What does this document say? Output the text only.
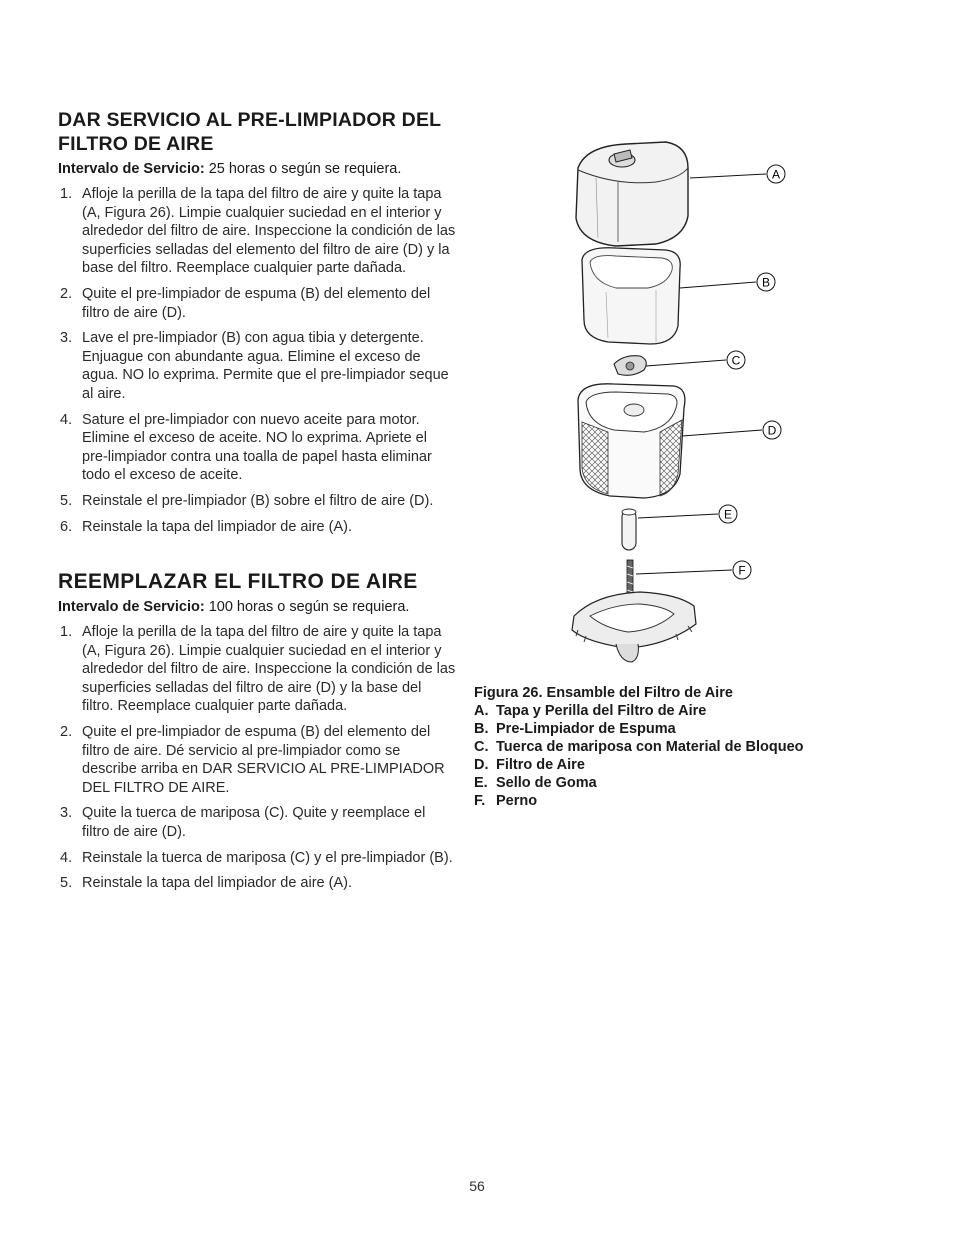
DAR SERVICIO AL PRE-LIMPIADOR DEL FILTRO DE AIRE

Intervalo de Servicio: 25 horas o según se requiera.

1. Afloje la perilla de la tapa del filtro de aire y quite la tapa (A, Figura 26). Limpie cualquier suciedad en el interior y alrededor del filtro de aire. Inspeccione la condición de las superficies selladas del elemento del filtro de aire (D) y la base del filtro. Reemplace cualquier parte dañada.
2. Quite el pre-limpiador de espuma (B) del elemento del filtro de aire (D).
3. Lave el pre-limpiador (B) con agua tibia y detergente. Enjuague con abundante agua. Elimine el exceso de agua. NO lo exprima. Permite que el pre-limpiador seque al aire.
4. Sature el pre-limpiador con nuevo aceite para motor. Elimine el exceso de aceite. NO lo exprima. Apriete el pre-limpiador contra una toalla de papel hasta eliminar todo el exceso de aceite.
5. Reinstale el pre-limpiador (B) sobre el filtro de aire (D).
6. Reinstale la tapa del limpiador de aire (A).
REEMPLAZAR EL FILTRO DE AIRE

Intervalo de Servicio: 100 horas o según se requiera.

1. Afloje la perilla de la tapa del filtro de aire y quite la tapa (A, Figura 26). Limpie cualquier suciedad en el interior y alrededor del filtro de aire. Inspeccione la condición de las superficies selladas del filtro de aire (D) y la base del filtro. Reemplace cualquier parte dañada.
2. Quite el pre-limpiador de espuma (B) del elemento del filtro de aire. Dé servicio al pre-limpiador como se describe arriba en DAR SERVICIO AL PRE-LIMPIADOR DEL FILTRO DE AIRE.
3. Quite la tuerca de mariposa (C). Quite y reemplace el filtro de aire (D).
4. Reinstale la tuerca de mariposa (C) y el pre-limpiador (B).
5. Reinstale la tapa del limpiador de aire (A).
A
B
C
D
E
F
Figura 26. Ensamble del Filtro de Aire
A. Tapa y Perilla del Filtro de Aire
B. Pre-Limpiador de Espuma
C. Tuerca de mariposa con Material de Bloqueo
D. Filtro de Aire
E. Sello de Goma
F. Perno
56
